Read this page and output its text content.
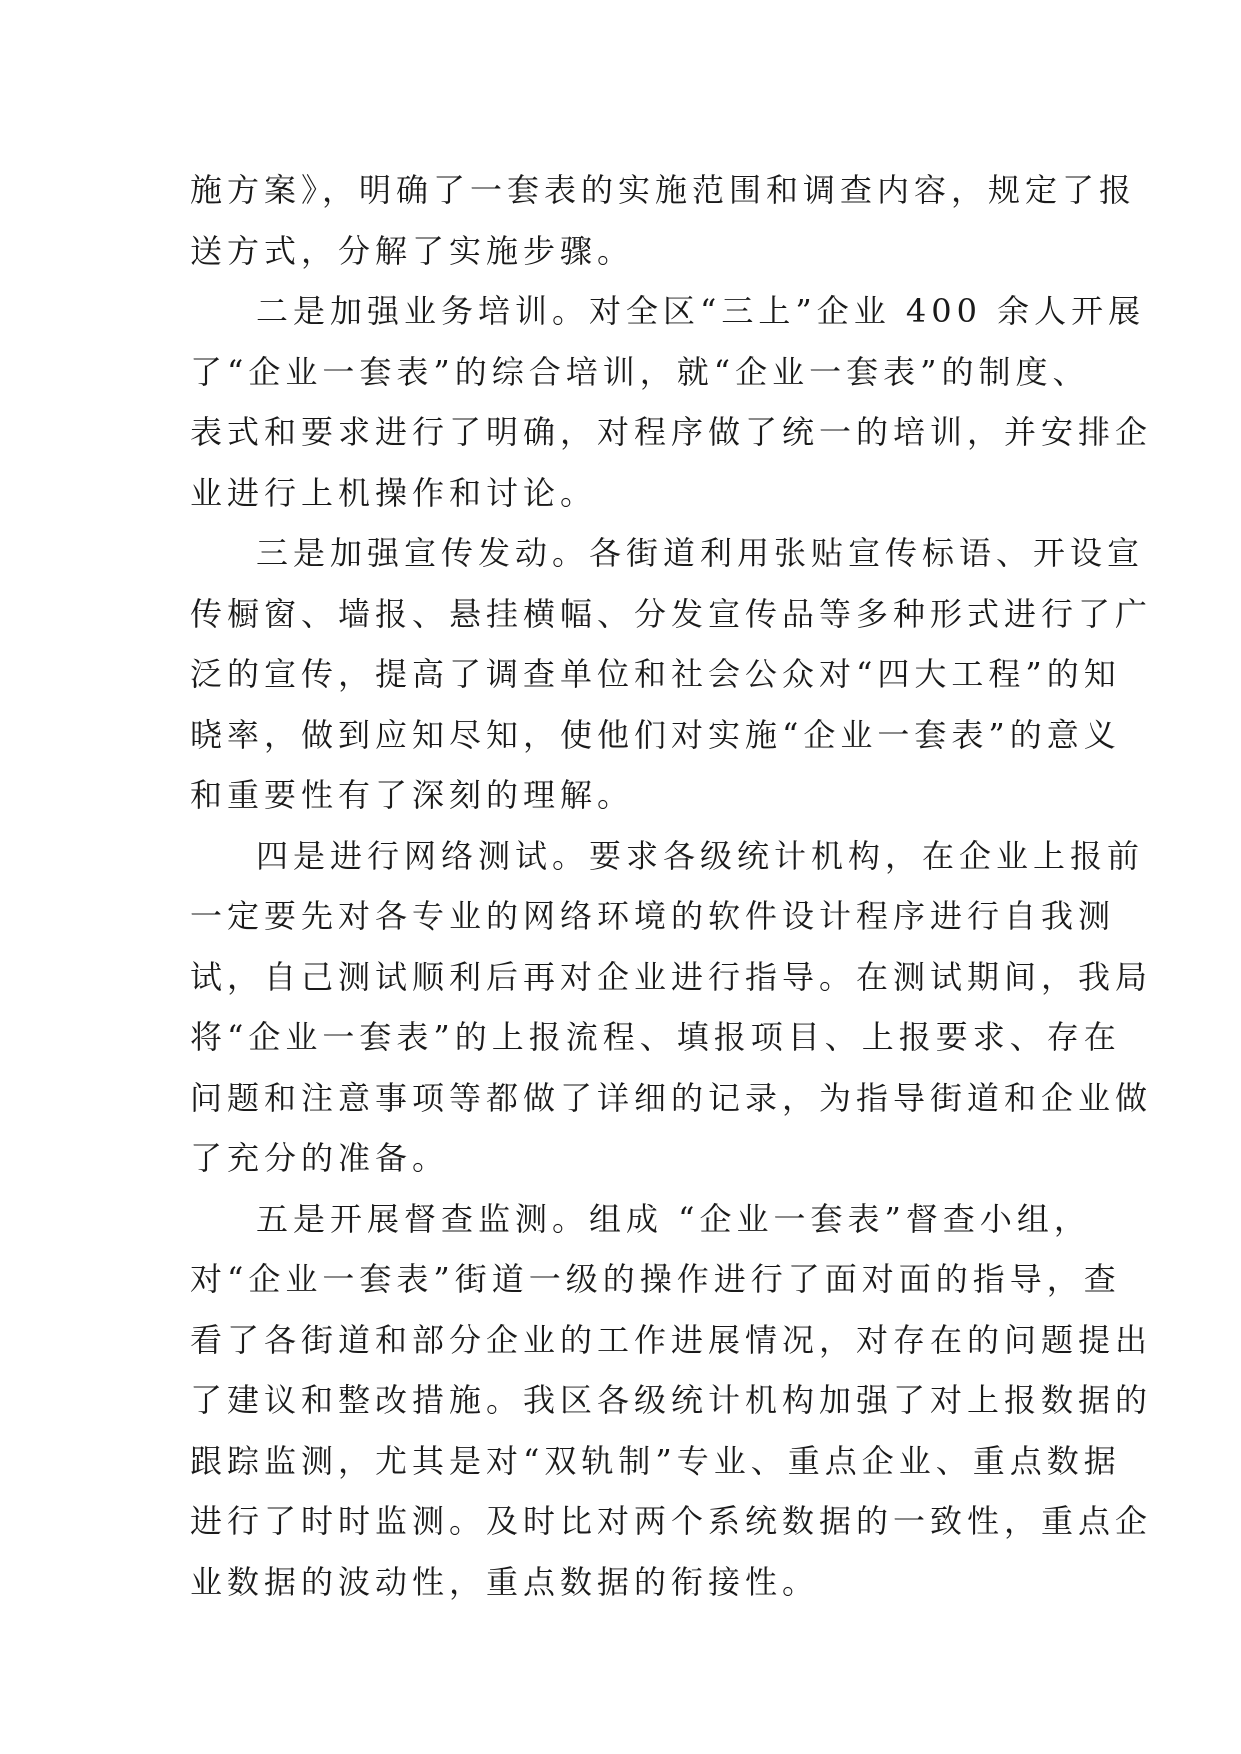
施方案》，明确了一套表的实施范围和调查内容，规定了报
送方式，分解了实施步骤。
二是加强业务培训。对全区“三上”企业 400 余人开展
了“企业一套表”的综合培训，就“企业一套表”的制度、
表式和要求进行了明确，对程序做了统一的培训，并安排企
业进行上机操作和讨论。
三是加强宣传发动。各街道利用张贴宣传标语、开设宣
传橱窗、墙报、悬挂横幅、分发宣传品等多种形式进行了广
泛的宣传，提高了调查单位和社会公众对“四大工程”的知
晓率，做到应知尽知，使他们对实施“企业一套表”的意义
和重要性有了深刻的理解。
四是进行网络测试。要求各级统计机构，在企业上报前
一定要先对各专业的网络环境的软件设计程序进行自我测
试，自己测试顺利后再对企业进行指导。在测试期间，我局
将“企业一套表”的上报流程、填报项目、上报要求、存在
问题和注意事项等都做了详细的记录，为指导街道和企业做
了充分的准备。
五是开展督查监测。组成 “企业一套表”督查小组，
对“企业一套表”街道一级的操作进行了面对面的指导，查
看了各街道和部分企业的工作进展情况，对存在的问题提出
了建议和整改措施。我区各级统计机构加强了对上报数据的
跟踪监测，尤其是对“双轨制”专业、重点企业、重点数据
进行了时时监测。及时比对两个系统数据的一致性，重点企
业数据的波动性，重点数据的衔接性。
